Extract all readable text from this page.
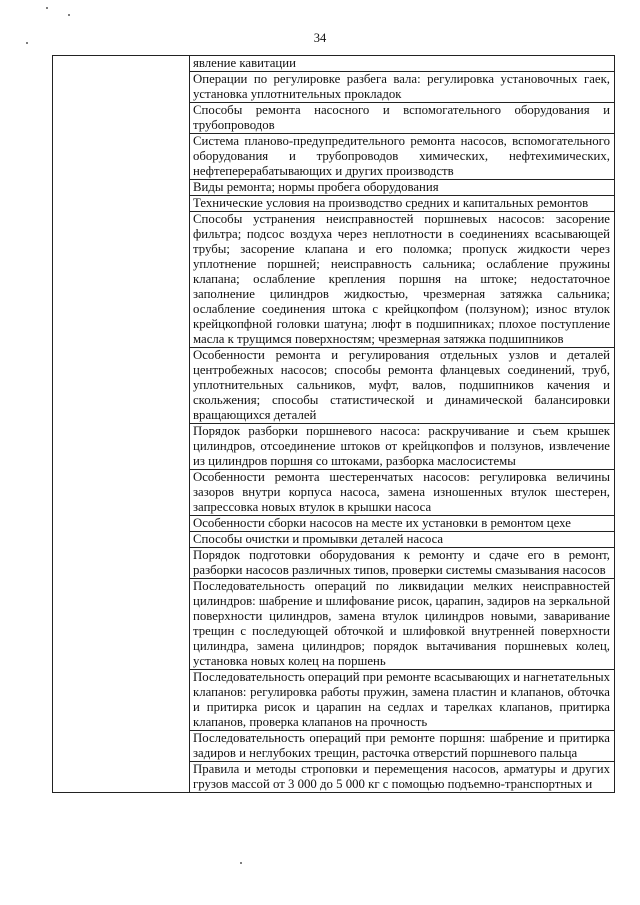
34

явление кавитации

Операции по регулировке разбега вала: регулировка установочных гаек, установка уплотнительных прокладок

Способы ремонта насосного и вспомогательного оборудования и трубопроводов

Система планово-предупредительного ремонта насосов, вспомогательного оборудования и трубопроводов химических, нефтехимических, нефтеперерабатывающих и других производств

Виды ремонта; нормы пробега оборудования

Технические условия на производство средних и капитальных ремонтов

Способы устранения неисправностей поршневых насосов: засорение фильтра; подсос воздуха через неплотности в соединениях всасывающей трубы; засорение клапана и его поломка; пропуск жидкости через уплотнение поршней; неисправность сальника; ослабление пружины клапана; ослабление крепления поршня на штоке; недостаточное заполнение цилиндров жидкостью, чрезмерная затяжка сальника; ослабление соединения штока с крейцкопфом (ползуном); износ втулок крейцкопфной головки шатуна; люфт в подшипниках; плохое поступление масла к трущимся поверхностям; чрезмерная затяжка подшипников

Особенности ремонта и регулирования отдельных узлов и деталей центробежных насосов; способы ремонта фланцевых соединений, труб, уплотнительных сальников, муфт, валов, подшипников качения и скольжения; способы статистической и динамической балансировки вращающихся деталей

Порядок разборки поршневого насоса: раскручивание и съем крышек цилиндров, отсоединение штоков от крейцкопфов и ползунов, извлечение из цилиндров поршня со штоками, разборка маслосистемы

Особенности ремонта шестеренчатых насосов: регулировка величины зазоров внутри корпуса насоса, замена изношенных втулок шестерен, запрессовка новых втулок в крышки насоса

Особенности сборки насосов на месте их установки в ремонтом цехе

Способы очистки и промывки деталей насоса

Порядок подготовки оборудования к ремонту и сдаче его в ремонт, разборки насосов различных типов, проверки системы смазывания насосов

Последовательность операций по ликвидации мелких неисправностей цилиндров: шабрение и шлифование рисок, царапин, задиров на зеркальной поверхности цилиндров, замена втулок цилиндров новыми, заваривание трещин с последующей обточкой и шлифовкой внутренней поверхности цилиндра, замена цилиндров; порядок вытачивания поршневых колец, установка новых колец на поршень

Последовательность операций при ремонте всасывающих и нагнетательных клапанов: регулировка работы пружин, замена пластин и клапанов, обточка и притирка рисок и царапин на седлах и тарелках клапанов, притирка клапанов, проверка клапанов на прочность

Последовательность операций при ремонте поршня: шабрение и притирка задиров и неглубоких трещин, расточка отверстий поршневого пальца

Правила и методы строповки и перемещения насосов, арматуры и других грузов массой от 3 000 до 5 000 кг с помощью подъемно-транспортных и
